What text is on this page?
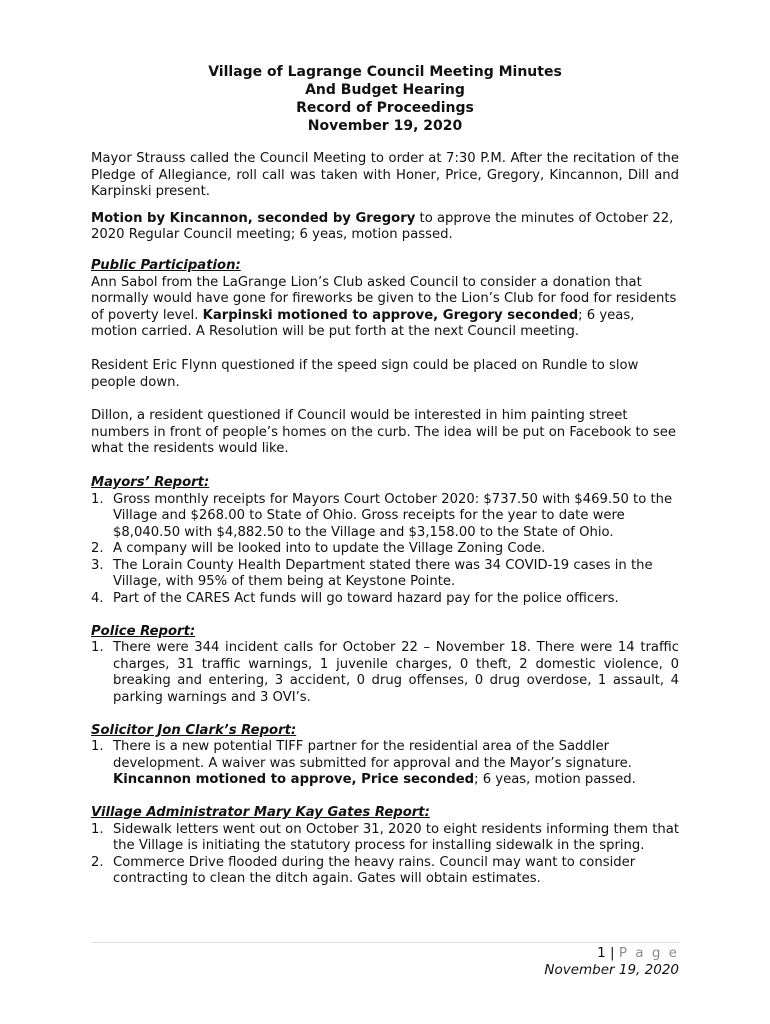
Village of Lagrange Council Meeting Minutes
And Budget Hearing
Record of Proceedings
November 19, 2020

Mayor Strauss called the Council Meeting to order at 7:30 P.M. After the recitation of the Pledge of Allegiance, roll call was taken with Honer, Price, Gregory, Kincannon, Dill and Karpinski present.

Motion by Kincannon, seconded by Gregory to approve the minutes of October 22, 2020 Regular Council meeting; 6 yeas, motion passed.

Public Participation:

Ann Sabol from the LaGrange Lion’s Club asked Council to consider a donation that normally would have gone for fireworks be given to the Lion’s Club for food for residents of poverty level. Karpinski motioned to approve, Gregory seconded; 6 yeas, motion carried. A Resolution will be put forth at the next Council meeting.

Resident Eric Flynn questioned if the speed sign could be placed on Rundle to slow people down.

Dillon, a resident questioned if Council would be interested in him painting street numbers in front of people’s homes on the curb. The idea will be put on Facebook to see what the residents would like.

Mayors’ Report:
1. Gross monthly receipts for Mayors Court October 2020: $737.50 with $469.50 to the Village and $268.00 to State of Ohio. Gross receipts for the year to date were $8,040.50 with $4,882.50 to the Village and $3,158.00 to the State of Ohio.
2. A company will be looked into to update the Village Zoning Code.
3. The Lorain County Health Department stated there was 34 COVID-19 cases in the Village, with 95% of them being at Keystone Pointe.
4. Part of the CARES Act funds will go toward hazard pay for the police officers.
Police Report:
1. There were 344 incident calls for October 22 – November 18. There were 14 traffic charges, 31 traffic warnings, 1 juvenile charges, 0 theft, 2 domestic violence, 0 breaking and entering, 3 accident, 0 drug offenses, 0 drug overdose, 1 assault, 4 parking warnings and 3 OVI’s.
Solicitor Jon Clark’s Report:
1. There is a new potential TIFF partner for the residential area of the Saddler development. A waiver was submitted for approval and the Mayor’s signature. Kincannon motioned to approve, Price seconded; 6 yeas, motion passed.
Village Administrator Mary Kay Gates Report:
1. Sidewalk letters went out on October 31, 2020 to eight residents informing them that the Village is initiating the statutory process for installing sidewalk in the spring.
2. Commerce Drive flooded during the heavy rains. Council may want to consider contracting to clean the ditch again. Gates will obtain estimates.
1 | P a g e
November 19, 2020
